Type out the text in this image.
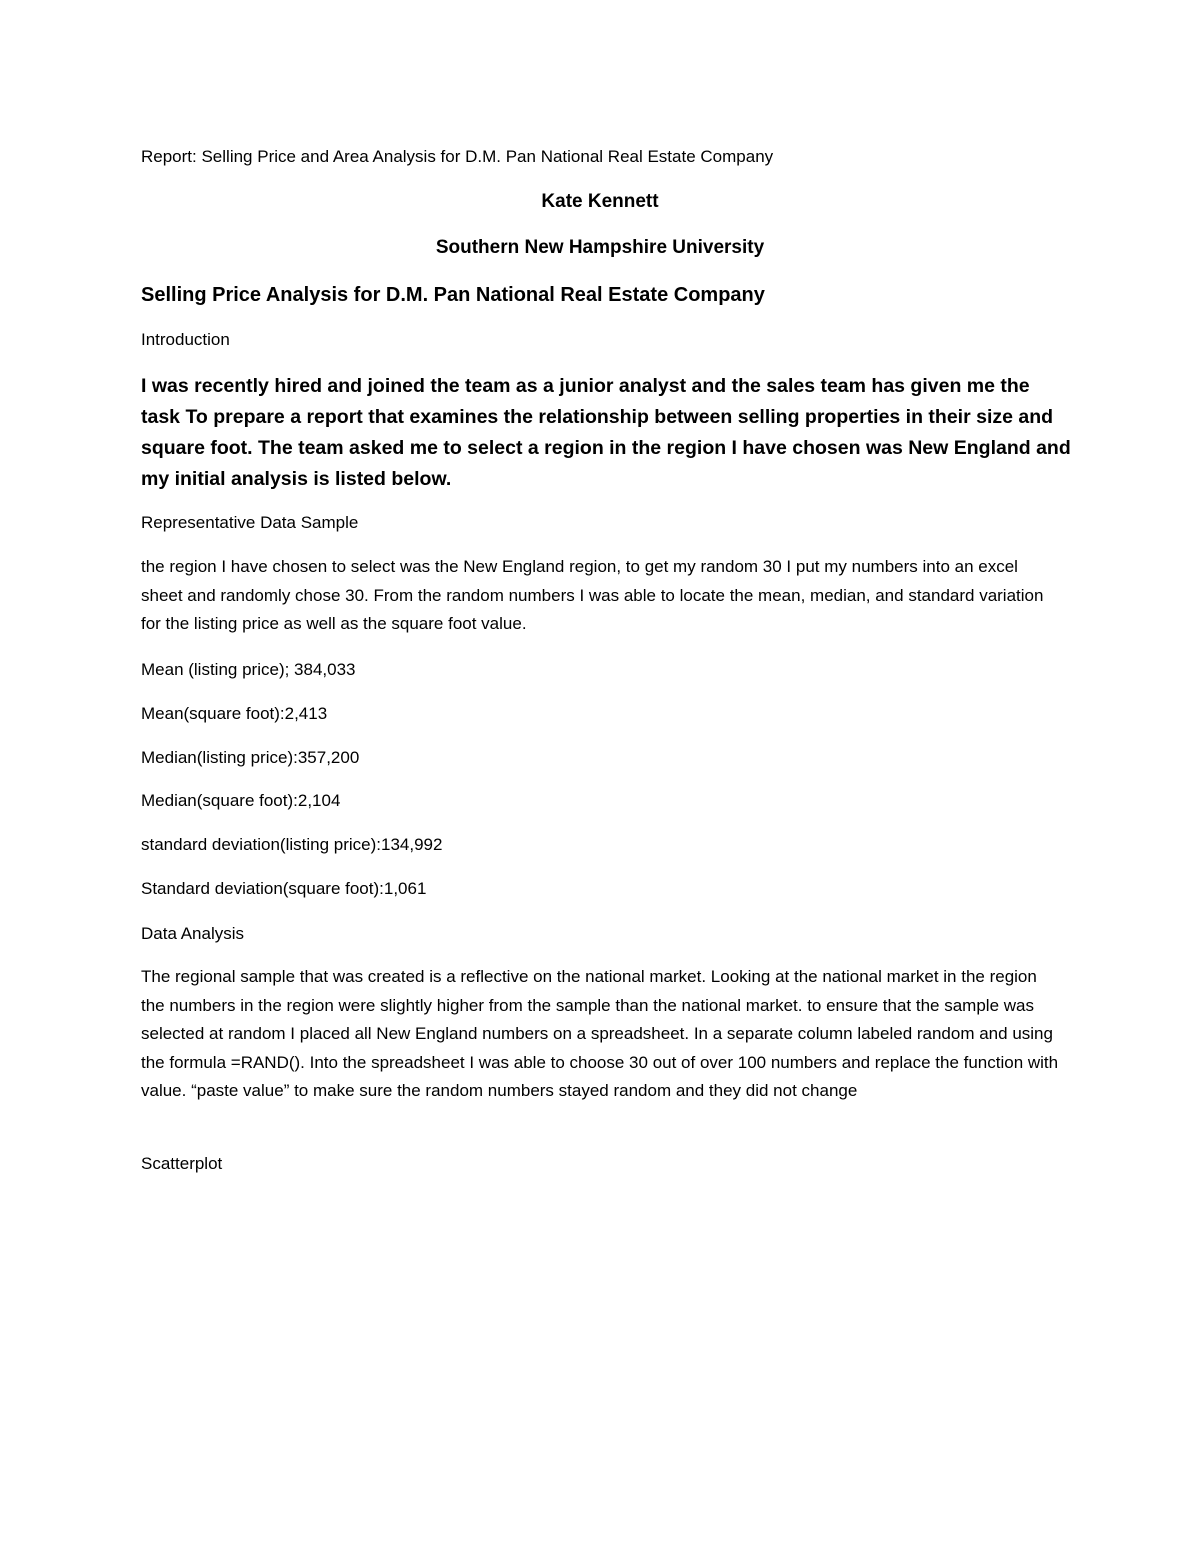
Report: Selling Price and Area Analysis for D.M. Pan National Real Estate Company

Kate Kennett

Southern New Hampshire University

Selling Price Analysis for D.M. Pan National Real Estate Company

Introduction

I was recently hired and joined the team as a junior analyst and the sales team has given me the task To prepare a report that examines the relationship between selling properties in their size and square foot. The team asked me to select a region in the region I have chosen was New England and my initial analysis is listed below.

Representative Data Sample

the region I have chosen to select was the New England region, to get my random 30 I put my numbers into an excel sheet and randomly chose 30. From the random numbers I was able to locate the mean, median, and standard variation for the listing price as well as the square foot value.

Mean (listing price); 384,033

Mean(square foot):2,413

Median(listing price):357,200

Median(square foot):2,104

standard deviation(listing price):134,992

Standard deviation(square foot):1,061

Data Analysis

The regional sample that was created is a reflective on the national market. Looking at the national market in the region the numbers in the region were slightly higher from the sample than the national market. to ensure that the sample was selected at random I placed all New England numbers on a spreadsheet. In a separate column labeled random and using the formula =RAND(). Into the spreadsheet I was able to choose 30 out of over 100 numbers and replace the function with value. “paste value” to make sure the random numbers stayed random and they did not change

Scatterplot
